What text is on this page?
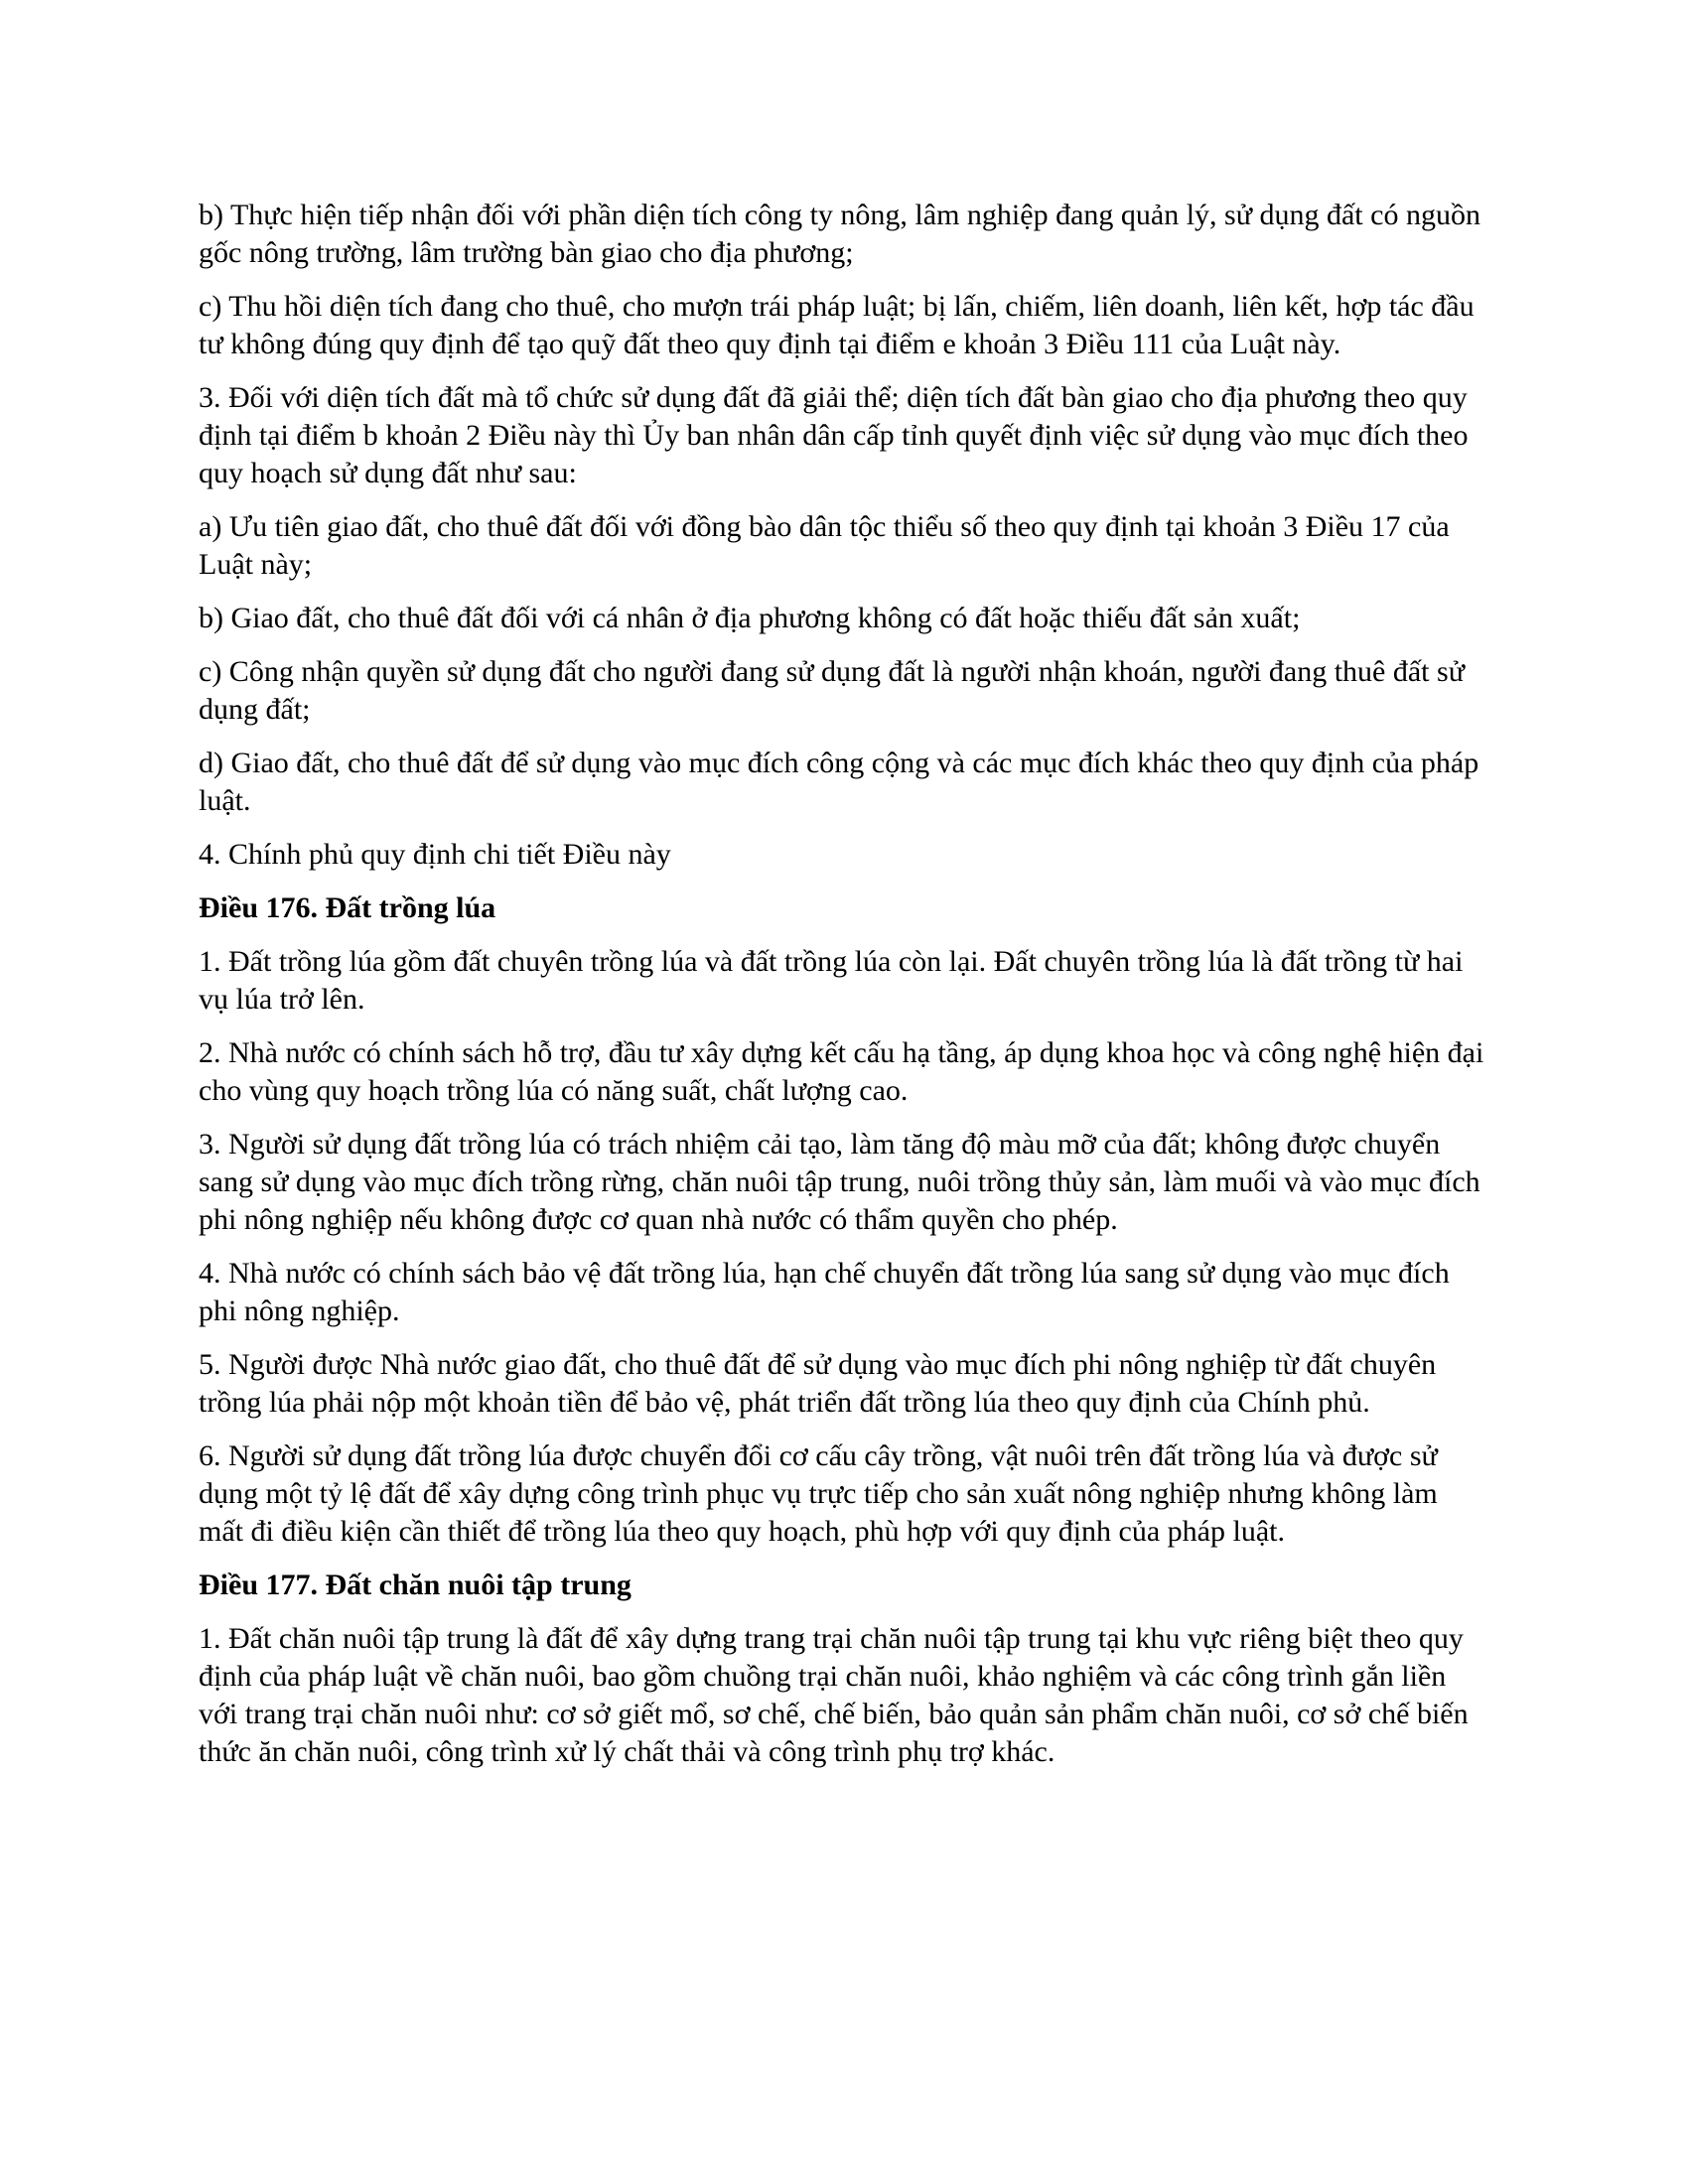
b) Thực hiện tiếp nhận đối với phần diện tích công ty nông, lâm nghiệp đang quản lý, sử dụng đất có nguồn gốc nông trường, lâm trường bàn giao cho địa phương;

c) Thu hồi diện tích đang cho thuê, cho mượn trái pháp luật; bị lấn, chiếm, liên doanh, liên kết, hợp tác đầu tư không đúng quy định để tạo quỹ đất theo quy định tại điểm e khoản 3 Điều 111 của Luật này.

3. Đối với diện tích đất mà tổ chức sử dụng đất đã giải thể; diện tích đất bàn giao cho địa phương theo quy định tại điểm b khoản 2 Điều này thì Ủy ban nhân dân cấp tỉnh quyết định việc sử dụng vào mục đích theo quy hoạch sử dụng đất như sau:

a) Ưu tiên giao đất, cho thuê đất đối với đồng bào dân tộc thiểu số theo quy định tại khoản 3 Điều 17 của Luật này;

b) Giao đất, cho thuê đất đối với cá nhân ở địa phương không có đất hoặc thiếu đất sản xuất;

c) Công nhận quyền sử dụng đất cho người đang sử dụng đất là người nhận khoán, người đang thuê đất sử dụng đất;

d) Giao đất, cho thuê đất để sử dụng vào mục đích công cộng và các mục đích khác theo quy định của pháp luật.

4. Chính phủ quy định chi tiết Điều này

Điều 176. Đất trồng lúa

1. Đất trồng lúa gồm đất chuyên trồng lúa và đất trồng lúa còn lại. Đất chuyên trồng lúa là đất trồng từ hai vụ lúa trở lên.

2. Nhà nước có chính sách hỗ trợ, đầu tư xây dựng kết cấu hạ tầng, áp dụng khoa học và công nghệ hiện đại cho vùng quy hoạch trồng lúa có năng suất, chất lượng cao.

3. Người sử dụng đất trồng lúa có trách nhiệm cải tạo, làm tăng độ màu mỡ của đất; không được chuyển sang sử dụng vào mục đích trồng rừng, chăn nuôi tập trung, nuôi trồng thủy sản, làm muối và vào mục đích phi nông nghiệp nếu không được cơ quan nhà nước có thẩm quyền cho phép.

4. Nhà nước có chính sách bảo vệ đất trồng lúa, hạn chế chuyển đất trồng lúa sang sử dụng vào mục đích phi nông nghiệp.

5. Người được Nhà nước giao đất, cho thuê đất để sử dụng vào mục đích phi nông nghiệp từ đất chuyên trồng lúa phải nộp một khoản tiền để bảo vệ, phát triển đất trồng lúa theo quy định của Chính phủ.

6. Người sử dụng đất trồng lúa được chuyển đổi cơ cấu cây trồng, vật nuôi trên đất trồng lúa và được sử dụng một tỷ lệ đất để xây dựng công trình phục vụ trực tiếp cho sản xuất nông nghiệp nhưng không làm mất đi điều kiện cần thiết để trồng lúa theo quy hoạch, phù hợp với quy định của pháp luật.

Điều 177. Đất chăn nuôi tập trung

1. Đất chăn nuôi tập trung là đất để xây dựng trang trại chăn nuôi tập trung tại khu vực riêng biệt theo quy định của pháp luật về chăn nuôi, bao gồm chuồng trại chăn nuôi, khảo nghiệm và các công trình gắn liền với trang trại chăn nuôi như: cơ sở giết mổ, sơ chế, chế biến, bảo quản sản phẩm chăn nuôi, cơ sở chế biến thức ăn chăn nuôi, công trình xử lý chất thải và công trình phụ trợ khác.
